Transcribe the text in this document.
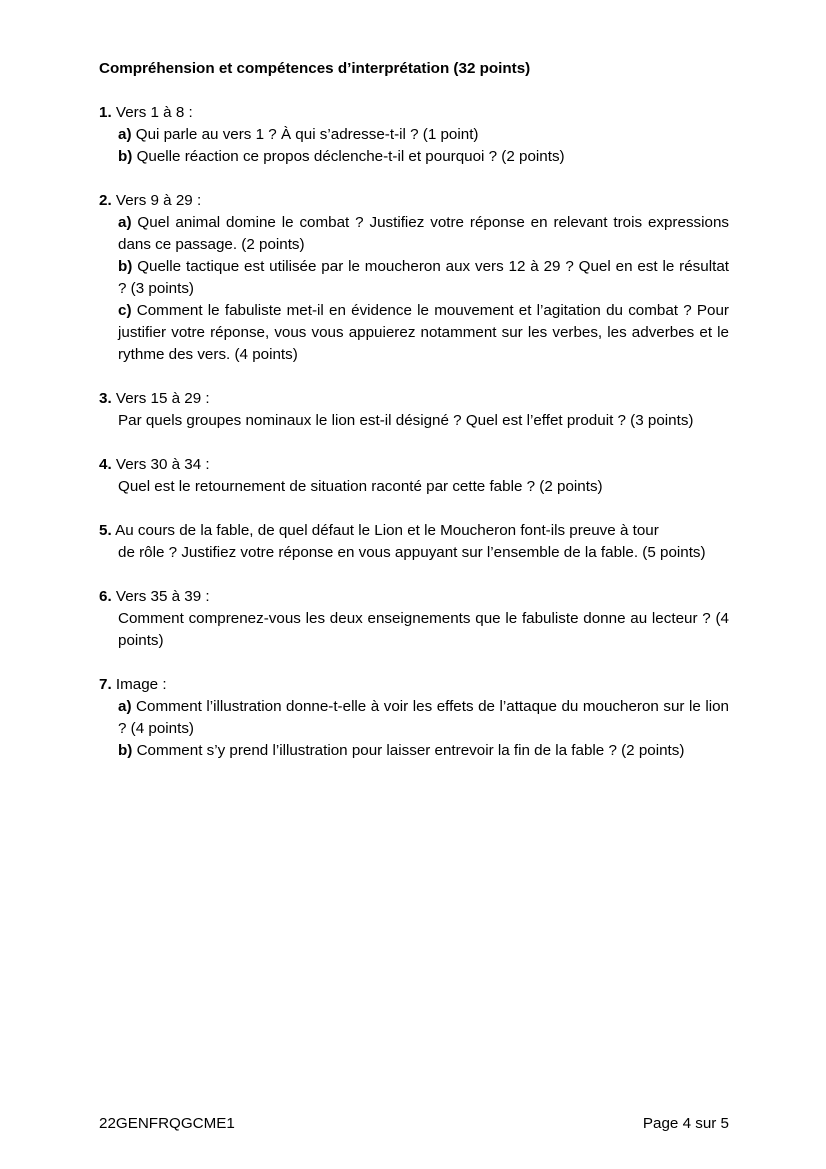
Compréhension et compétences d’interprétation (32 points)
1. Vers 1 à 8 :
a) Qui parle au vers 1 ? À qui s’adresse-t-il ? (1 point)
b) Quelle réaction ce propos déclenche-t-il et pourquoi ? (2 points)
2. Vers 9 à 29 :
a) Quel animal domine le combat ? Justifiez votre réponse en relevant trois expressions dans ce passage. (2 points)
b) Quelle tactique est utilisée par le moucheron aux vers 12 à 29 ? Quel en est le résultat ? (3 points)
c) Comment le fabuliste met-il en évidence le mouvement et l’agitation du combat ? Pour justifier votre réponse, vous vous appuierez notamment sur les verbes, les adverbes et le rythme des vers. (4 points)
3. Vers 15 à 29 :
Par quels groupes nominaux le lion est-il désigné ? Quel est l’effet produit ? (3 points)
4. Vers 30 à 34 :
Quel est le retournement de situation raconté par cette fable ? (2 points)
5. Au cours de la fable, de quel défaut le Lion et le Moucheron font-ils preuve à tour
de rôle ? Justifiez votre réponse en vous appuyant sur l’ensemble de la fable. (5 points)
6. Vers 35 à 39 :
Comment comprenez-vous les deux enseignements que le fabuliste donne au lecteur ? (4 points)
7. Image :
a) Comment l’illustration donne-t-elle à voir les effets de l’attaque du moucheron sur le lion ? (4 points)
b) Comment s’y prend l’illustration pour laisser entrevoir la fin de la fable ? (2 points)
22GENFRQGCME1	Page 4 sur 5
